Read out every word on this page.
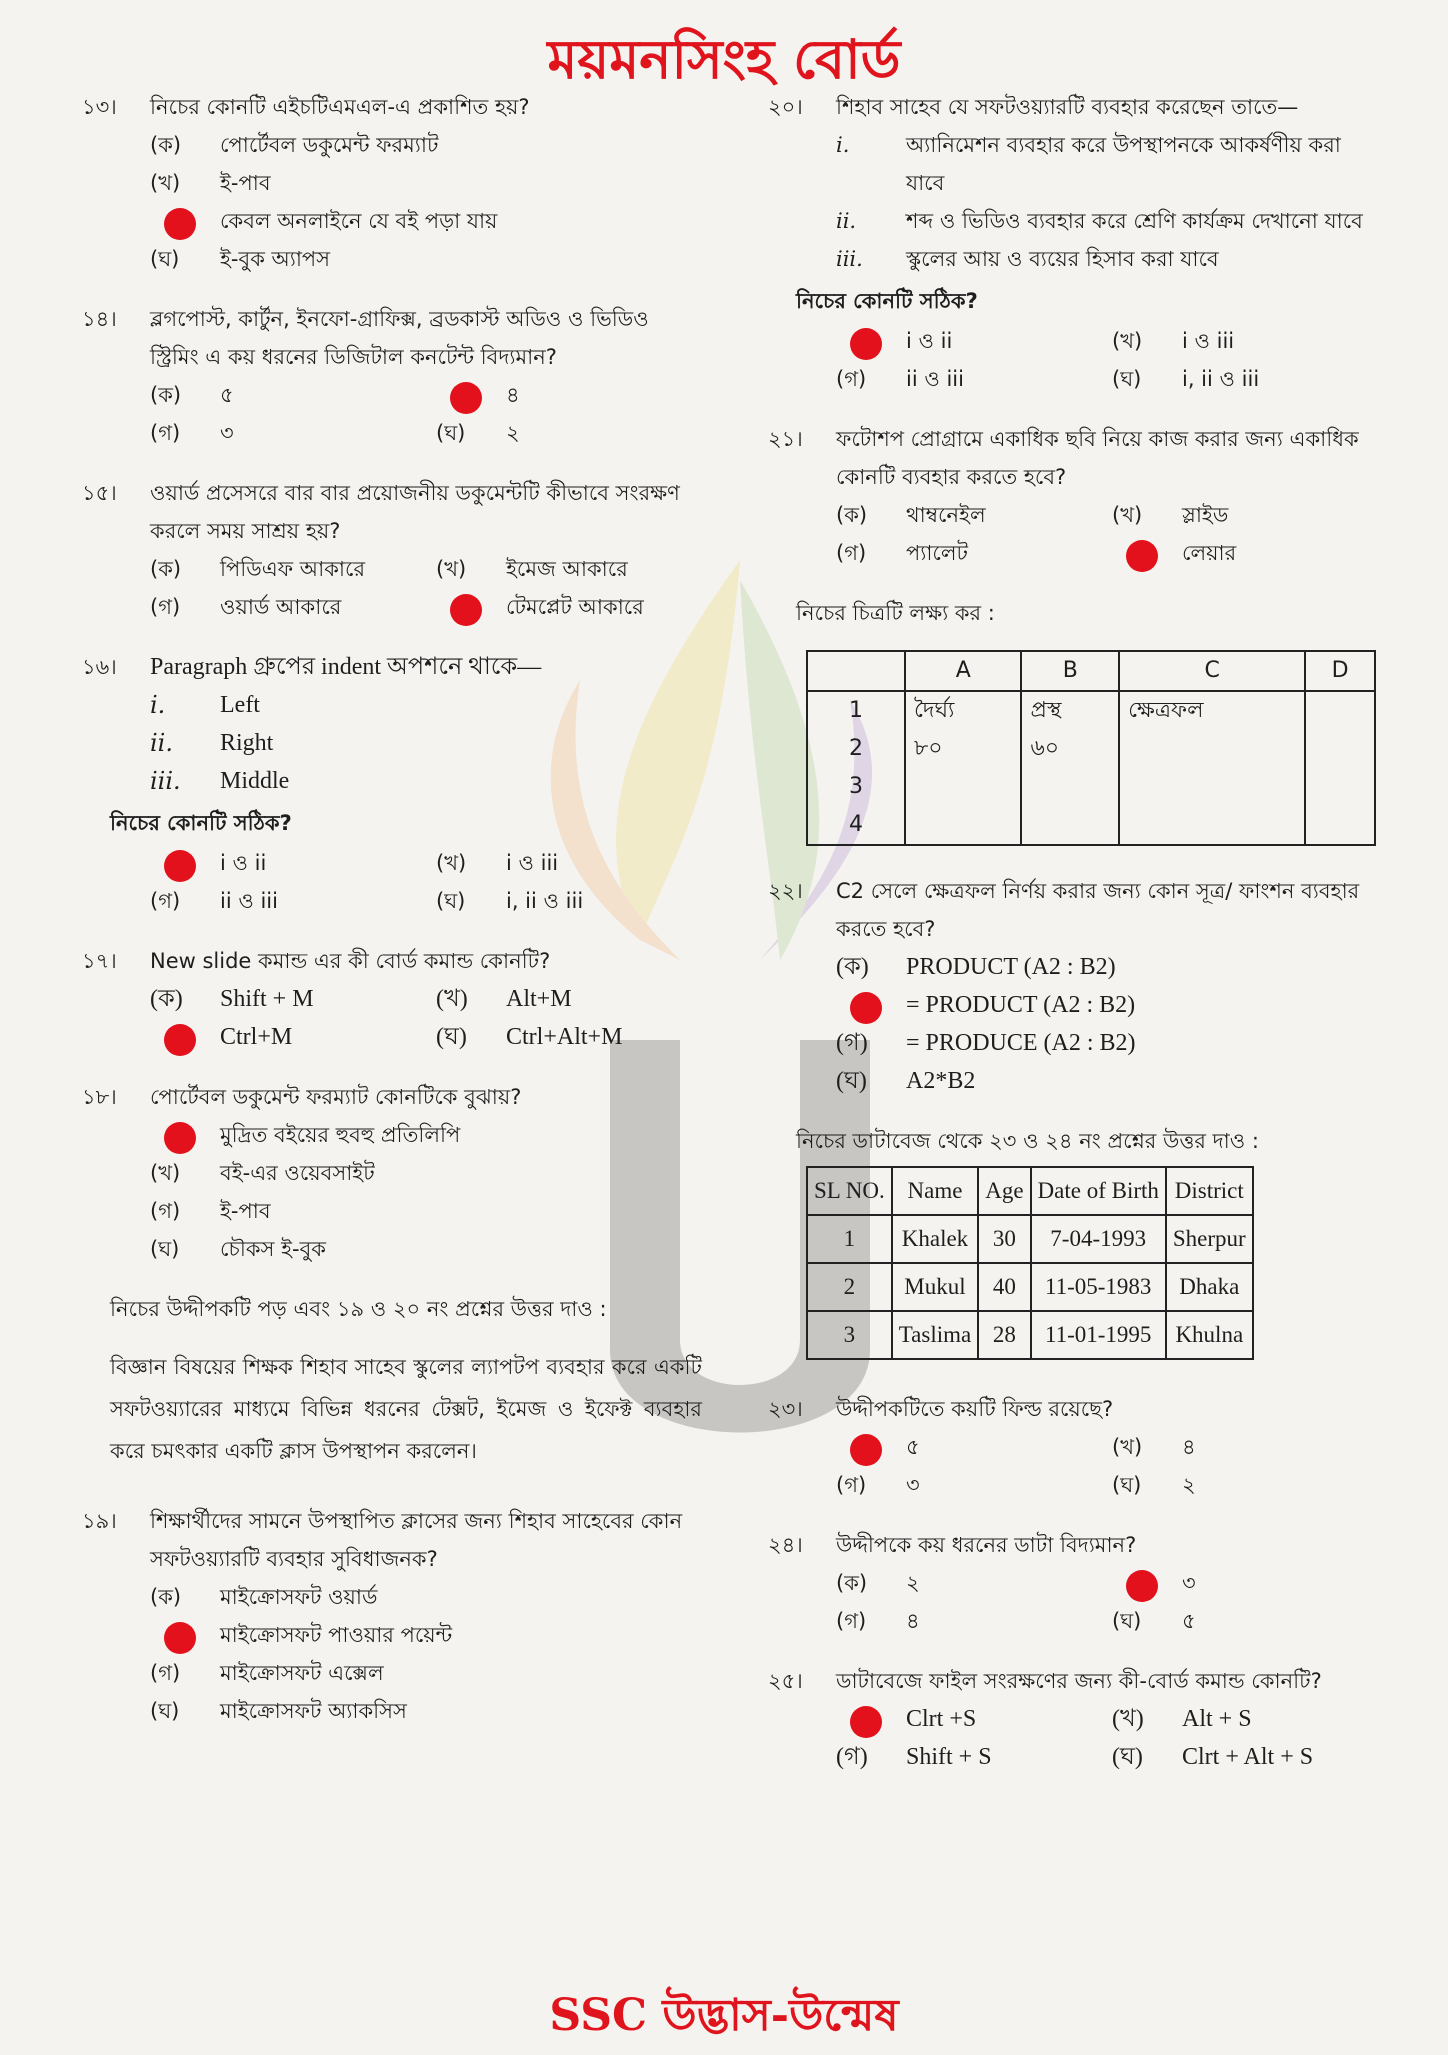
ময়মনসিংহ বোর্ড
১৩। নিচের কোনটি এইচটিএমএল-এ প্রকাশিত হয়?

(ক) পোর্টেবল ডকুমেন্ট ফরম্যাট
(খ) ই-পাব
কেবল অনলাইনে যে বই পড়া যায়
(ঘ) ই-বুক অ্যাপস
১৪। ব্লগপোস্ট, কার্টুন, ইনফো-গ্রাফিক্স, ব্রডকাস্ট অডিও ও ভিডিও স্ট্রিমিং এ কয় ধরনের ডিজিটাল কনটেন্ট বিদ্যমান?

(ক) ৫	৪
(গ) ৩	(ঘ) ২
১৫। ওয়ার্ড প্রসেসরে বার বার প্রয়োজনীয় ডকুমেন্টটি কীভাবে সংরক্ষণ করলে সময় সাশ্রয় হয়?

(ক) পিডিএফ আকারে	(খ) ইমেজ আকারে
(গ) ওয়ার্ড আকারে	টেমপ্লেট আকারে
১৬। Paragraph গ্রুপের indent অপশনে থাকে—

i. Left
ii. Right
iii. Middle

নিচের কোনটি সঠিক?

i ও ii	(খ) i ও iii
(গ) ii ও iii	(ঘ) i, ii ও iii
১৭। New slide কমান্ড এর কী বোর্ড কমান্ড কোনটি?

(ক) Shift + M	(খ) Alt+M
Ctrl+M	(ঘ) Ctrl+Alt+M
১৮। পোর্টেবল ডকুমেন্ট ফরম্যাট কোনটিকে বুঝায়?

মুদ্রিত বইয়ের হুবহু প্রতিলিপি
(খ) বই-এর ওয়েবসাইট
(গ) ই-পাব
(ঘ) চৌকস ই-বুক

নিচের উদ্দীপকটি পড় এবং ১৯ ও ২০ নং প্রশ্নের উত্তর দাও :

বিজ্ঞান বিষয়ের শিক্ষক শিহাব সাহেব স্কুলের ল্যাপটপ ব্যবহার করে একটি সফটওয়্যারের মাধ্যমে বিভিন্ন ধরনের টেক্সট, ইমেজ ও ইফেক্ট ব্যবহার করে চমৎকার একটি ক্লাস উপস্থাপন করলেন।

১৯। শিক্ষার্থীদের সামনে উপস্থাপিত ক্লাসের জন্য শিহাব সাহেবের কোন সফটওয়্যারটি ব্যবহার সুবিধাজনক?

(ক) মাইক্রোসফট ওয়ার্ড
মাইক্রোসফট পাওয়ার পয়েন্ট
(গ) মাইক্রোসফট এক্সেল
(ঘ) মাইক্রোসফট অ্যাকসিস
২০। শিহাব সাহেব যে সফটওয়্যারটি ব্যবহার করেছেন তাতে—

i.	অ্যানিমেশন ব্যবহার করে উপস্থাপনকে আকর্ষণীয় করা যাবে
ii. শব্দ ও ভিডিও ব্যবহার করে শ্রেণি কার্যক্রম দেখানো যাবে
iii. স্কুলের আয় ও ব্যয়ের হিসাব করা যাবে

নিচের কোনটি সঠিক?

i ও ii	(খ) i ও iii
(গ) ii ও iii	(ঘ) i, ii ও iii
২১। ফটোশপ প্রোগ্রামে একাধিক ছবি নিয়ে কাজ করার জন্য একাধিক কোনটি ব্যবহার করতে হবে?

(ক) থাম্বনেইল	(খ) স্লাইড
(গ) প্যালেট	লেয়ার

নিচের চিত্রটি লক্ষ্য কর :

	A	B	C	D
1	দৈর্ঘ্য	প্রস্থ	ক্ষেত্রফল	
2	৮০	৬০		
3				
4				
২২। C2 সেলে ক্ষেত্রফল নির্ণয় করার জন্য কোন সূত্র/ ফাংশন ব্যবহার করতে হবে?

(ক) PRODUCT (A2 : B2)
= PRODUCT (A2 : B2)
(গ) = PRODUCE (A2 : B2)
(ঘ) A2*B2

নিচের ডাটাবেজ থেকে ২৩ ও ২৪ নং প্রশ্নের উত্তর দাও :

SL NO.	Name	Age	Date of Birth	District
1	Khalek	30	7-04-1993	Sherpur
2	Mukul	40	11-05-1983	Dhaka
3	Taslima	28	11-01-1995	Khulna
২৩। উদ্দীপকটিতে কয়টি ফিল্ড রয়েছে?

৫	(খ) ৪
(গ) ৩	(ঘ) ২
২৪। উদ্দীপকে কয় ধরনের ডাটা বিদ্যমান?

(ক) ২	৩
(গ) ৪	(ঘ) ৫
২৫। ডাটাবেজে ফাইল সংরক্ষণের জন্য কী-বোর্ড কমান্ড কোনটি?

Clrt +S	(খ) Alt + S
(গ) Shift + S	(ঘ) Clrt + Alt + S
SSC উদ্ভাস-উন্মেষ
